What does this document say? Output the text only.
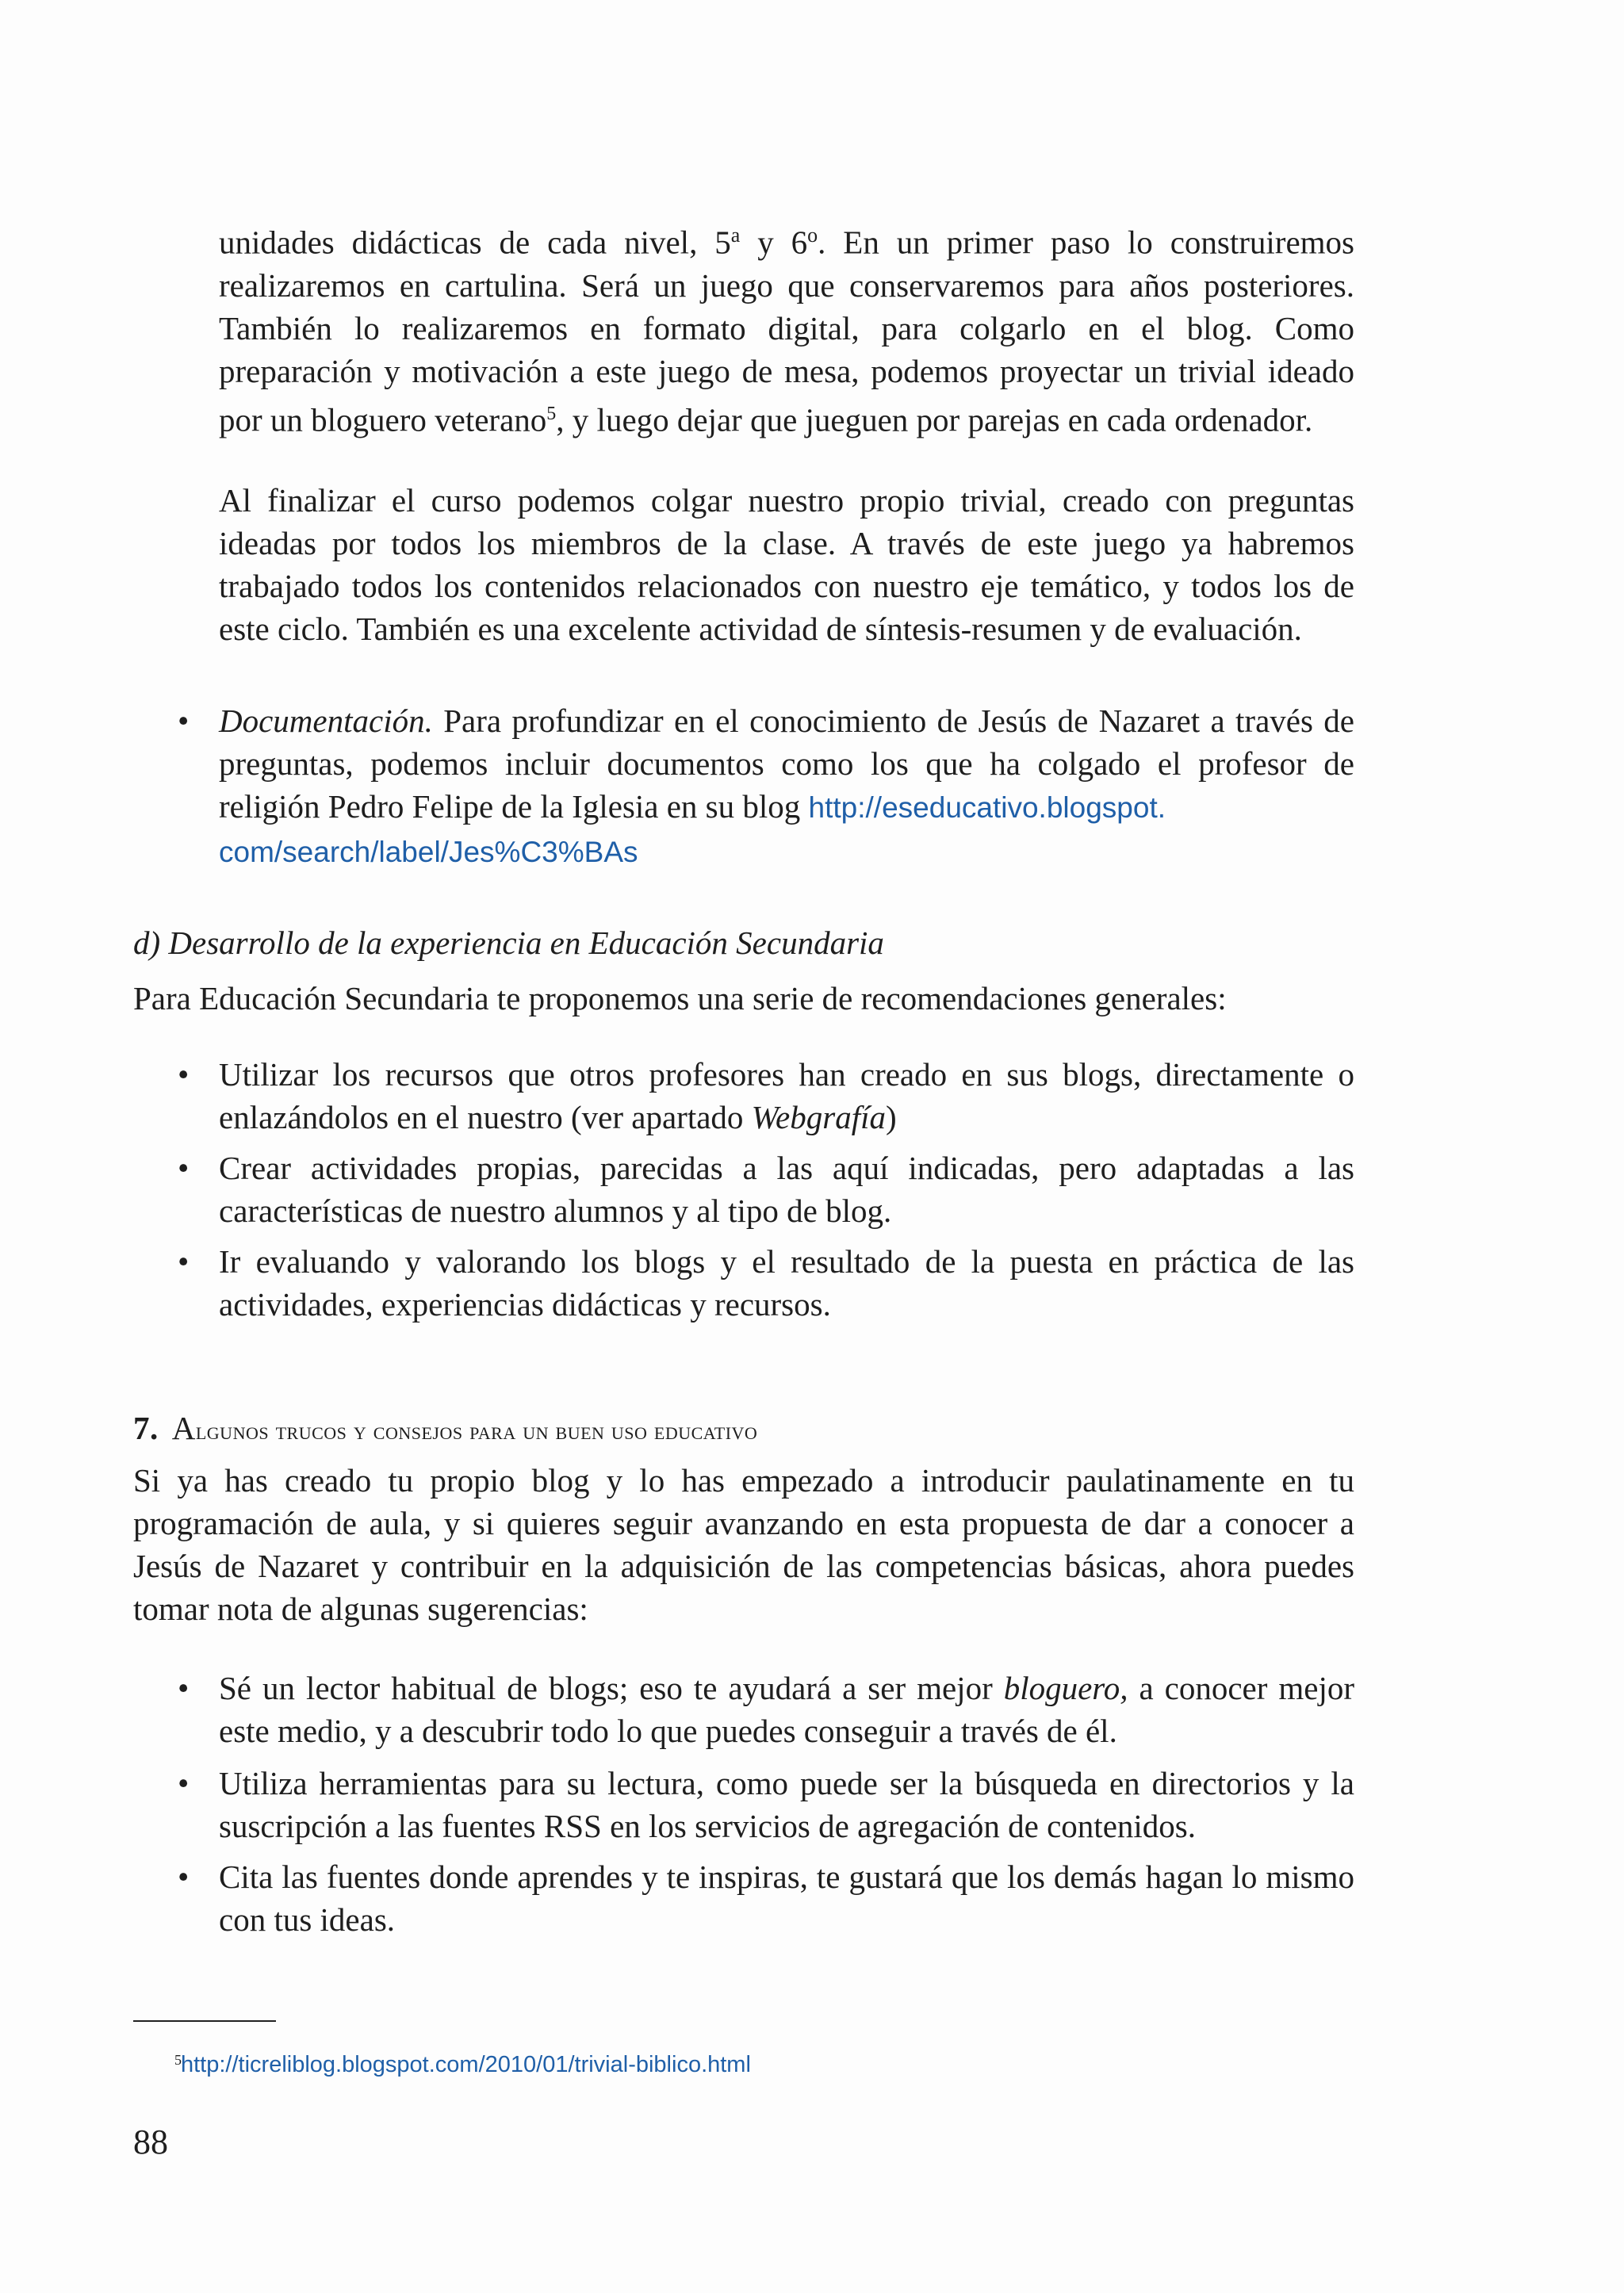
unidades didácticas de cada nivel, 5$^a$ y 6$^o$. En un primer paso lo construiremos realizaremos en cartulina. Será un juego que conservaremos para años posteriores. También lo realizaremos en formato digital, para colgarlo en el blog. Como preparación y motivación a este juego de mesa, podemos proyectar un trivial ideado por un bloguero veterano$^5$, y luego dejar que jueguen por parejas en cada ordenador.

Al finalizar el curso podemos colgar nuestro propio trivial, creado con preguntas ideadas por todos los miembros de la clase. A través de este juego ya habremos trabajado todos los contenidos relacionados con nuestro eje temático, y todos los de este ciclo. También es una excelente actividad de síntesis-resumen y de evaluación.

• Documentación. Para profundizar en el conocimiento de Jesús de Nazaret a través de preguntas, podemos incluir documentos como los que ha colgado el profesor de religión Pedro Felipe de la Iglesia en su blog http://eseducativo.blogspot.
com/search/label/Jes%C3%BAs

d) Desarrollo de la experiencia en Educación Secundaria

Para Educación Secundaria te proponemos una serie de recomendaciones generales:

• Utilizar los recursos que otros profesores han creado en sus blogs, directamente o enlazándolos en el nuestro (ver apartado Webgrafía)

• Crear actividades propias, parecidas a las aquí indicadas, pero adaptadas a las características de nuestro alumnos y al tipo de blog.

• Ir evaluando y valorando los blogs y el resultado de la puesta en práctica de las actividades, experiencias didácticas y recursos.

7. Algunos trucos y consejos para un buen uso educativo

Si ya has creado tu propio blog y lo has empezado a introducir paulatinamente en tu programación de aula, y si quieres seguir avanzando en esta propuesta de dar a conocer a Jesús de Nazaret y contribuir en la adquisición de las competencias básicas, ahora puedes tomar nota de algunas sugerencias:

• Sé un lector habitual de blogs; eso te ayudará a ser mejor bloguero, a conocer mejor este medio, y a descubrir todo lo que puedes conseguir a través de él.

• Utiliza herramientas para su lectura, como puede ser la búsqueda en directorios y la suscripción a las fuentes RSS en los servicios de agregación de contenidos.

• Cita las fuentes donde aprendes y te inspiras, te gustará que los demás hagan lo mismo con tus ideas.

5 http://ticreliblog.blogspot.com/2010/01/trivial-biblico.html

88
